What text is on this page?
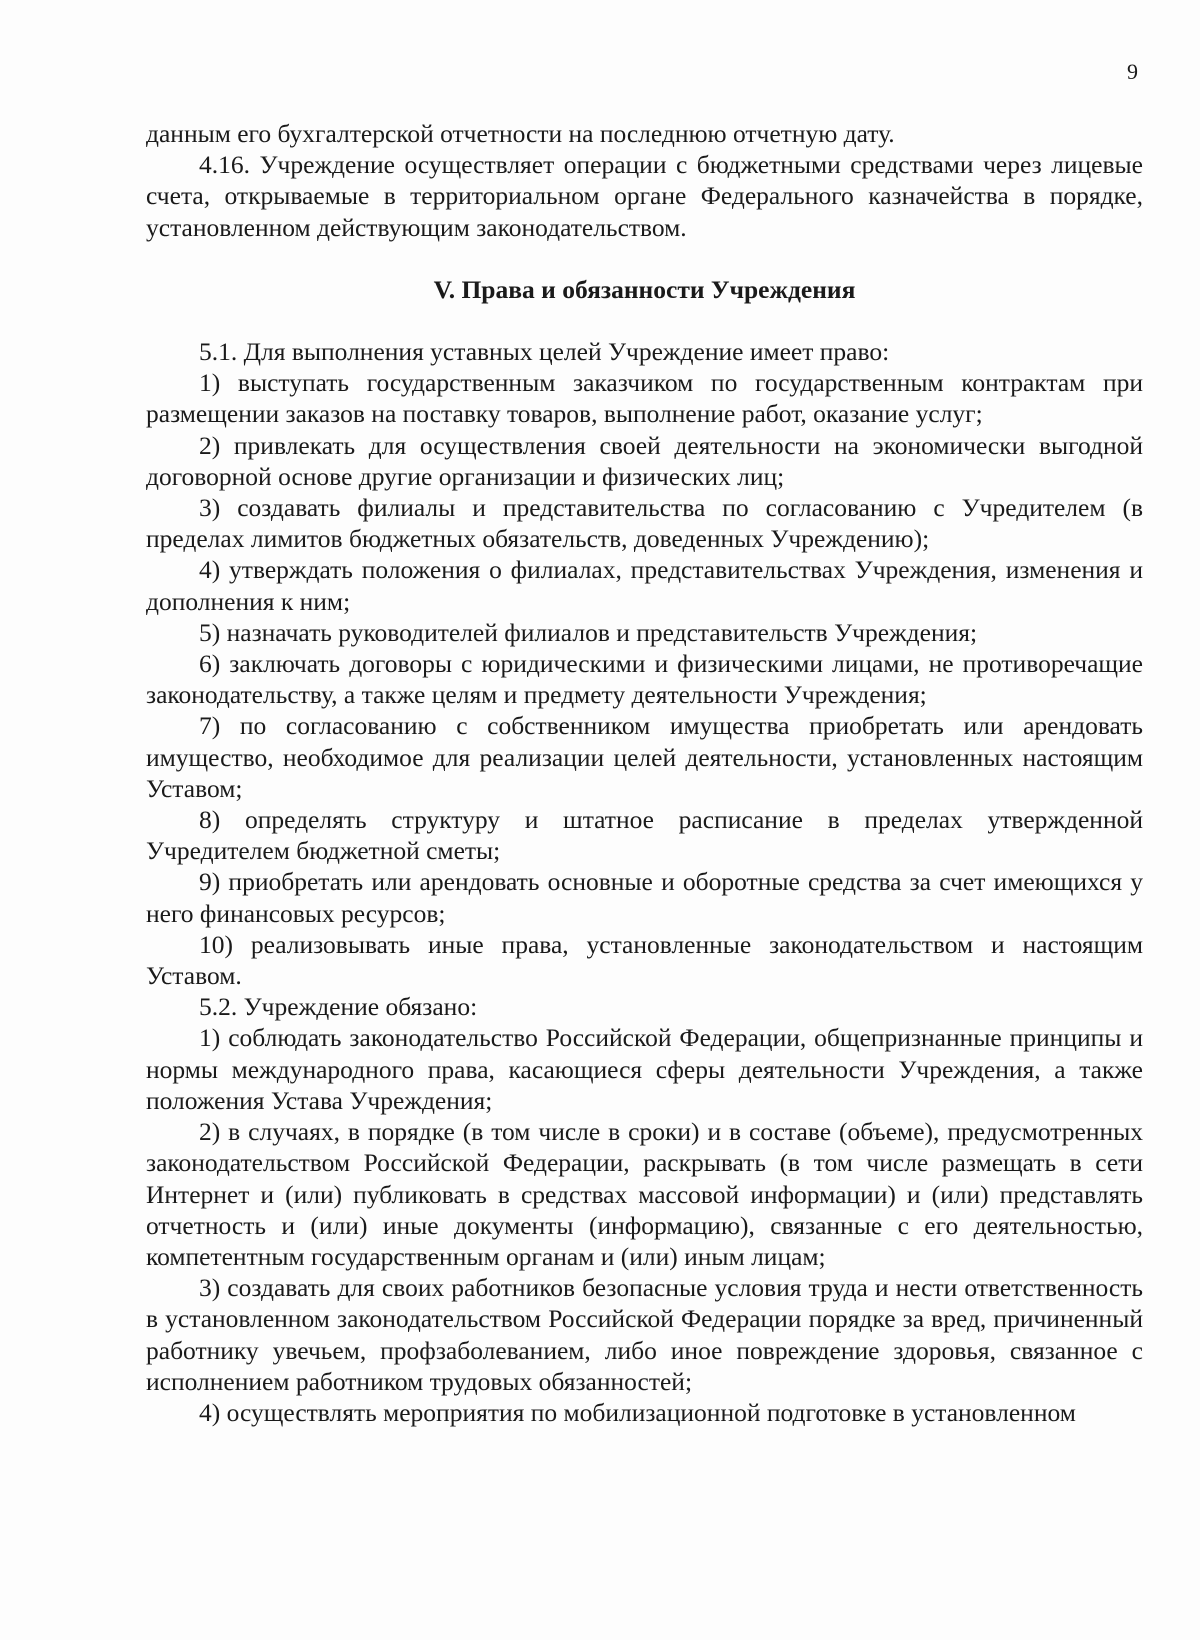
9

данным его бухгалтерской отчетности на последнюю отчетную дату.

4.16. Учреждение осуществляет операции с бюджетными средствами через лицевые счета, открываемые в территориальном органе Федерального казначейства в порядке, установленном действующим законодательством.

V. Права и обязанности Учреждения

5.1. Для выполнения уставных целей Учреждение имеет право:

1) выступать государственным заказчиком по государственным контрактам при размещении заказов на поставку товаров, выполнение работ, оказание услуг;

2) привлекать для осуществления своей деятельности на экономически выгодной договорной основе другие организации и физических лиц;

3) создавать филиалы и представительства по согласованию с Учредителем (в пределах лимитов бюджетных обязательств, доведенных Учреждению);

4) утверждать положения о филиалах, представительствах Учреждения, изменения и дополнения к ним;

5) назначать руководителей филиалов и представительств Учреждения;

6) заключать договоры с юридическими и физическими лицами, не противоречащие законодательству, а также целям и предмету деятельности Учреждения;

7) по согласованию с собственником имущества приобретать или арендовать имущество, необходимое для реализации целей деятельности, установленных настоящим Уставом;

8) определять структуру и штатное расписание в пределах утвержденной Учредителем бюджетной сметы;

9) приобретать или арендовать основные и оборотные средства за счет имеющихся у него финансовых ресурсов;

10) реализовывать иные права, установленные законодательством и настоящим Уставом.

5.2. Учреждение обязано:

1) соблюдать законодательство Российской Федерации, общепризнанные принципы и нормы международного права, касающиеся сферы деятельности Учреждения, а также положения Устава Учреждения;

2) в случаях, в порядке (в том числе в сроки) и в составе (объеме), предусмотренных законодательством Российской Федерации, раскрывать (в том числе размещать в сети Интернет и (или) публиковать в средствах массовой информации) и (или) представлять отчетность и (или) иные документы (информацию), связанные с его деятельностью, компетентным государственным органам и (или) иным лицам;

3) создавать для своих работников безопасные условия труда и нести ответственность в установленном законодательством Российской Федерации порядке за вред, причиненный работнику увечьем, профзаболеванием, либо иное повреждение здоровья, связанное с исполнением работником трудовых обязанностей;

4) осуществлять мероприятия по мобилизационной подготовке в установленном
